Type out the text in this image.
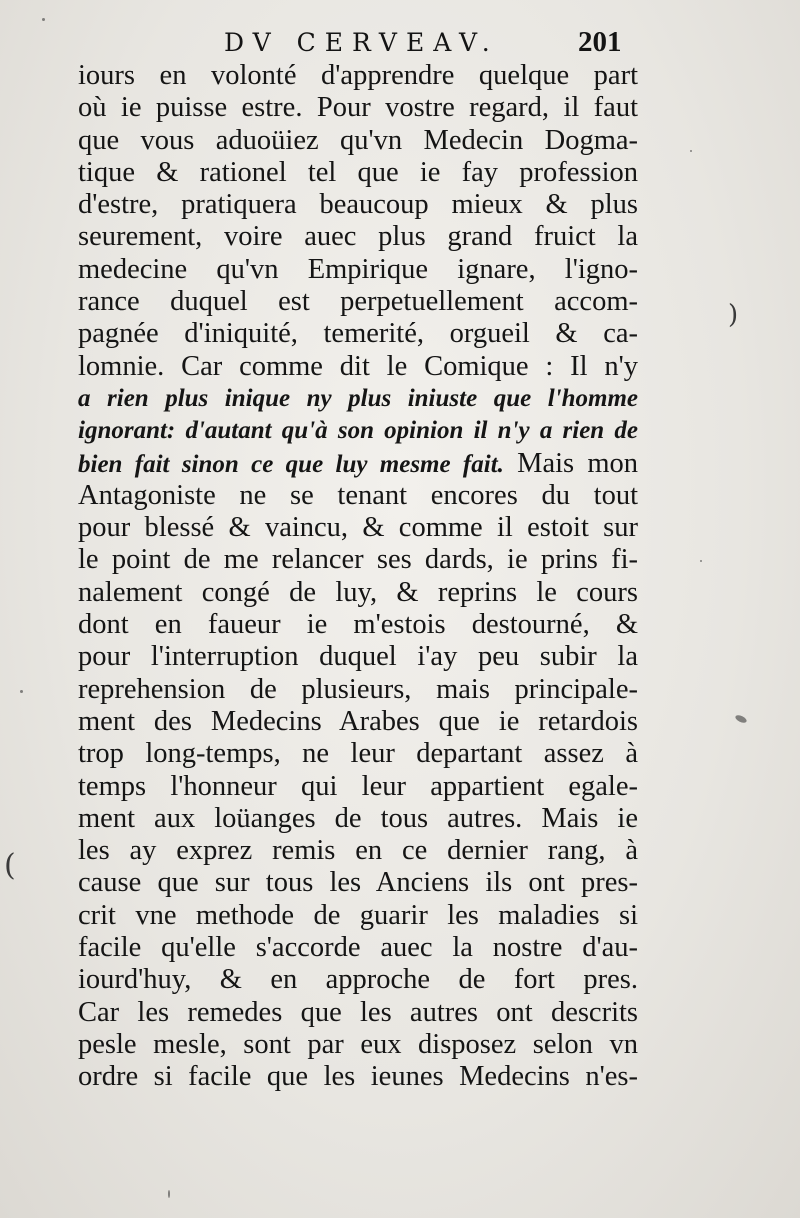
DV CERVEAV.	201
iours en volonté d'apprendre quelque part
où ie puisse estre. Pour vostre regard, il faut
que vous aduoüiez qu'vn Medecin Dogma-
tique & rationel tel que ie fay profession
d'estre, pratiquera beaucoup mieux & plus
seurement, voire auec plus grand fruict la
medecine qu'vn Empirique ignare, l'igno-
rance duquel est perpetuellement accom-
pagnée d'iniquité, temerité, orgueil & ca-
lomnie. Car comme dit le Comique : Il n'y
a rien plus inique ny plus iniuste que l'homme
ignorant: d'autant qu'à son opinion il n'y a rien de
bien fait sinon ce que luy mesme fait. Mais mon
Antagoniste ne se tenant encores du tout
pour blessé & vaincu, & comme il estoit sur
le point de me relancer ses dards, ie prins fi-
nalement congé de luy, & reprins le cours
dont en faueur ie m'estois destourné, &
pour l'interruption duquel i'ay peu subir la
reprehension de plusieurs, mais principale-
ment des Medecins Arabes que ie retardois
trop long-temps, ne leur departant assez à
temps l'honneur qui leur appartient egale-
ment aux loüanges de tous autres. Mais ie
les ay exprez remis en ce dernier rang, à
cause que sur tous les Anciens ils ont pres-
crit vne methode de guarir les maladies si
facile qu'elle s'accorde auec la nostre d'au-
iourd'huy, & en approche de fort pres.
Car les remedes que les autres ont descrits
pesle mesle, sont par eux disposez selon vn
ordre si facile que les ieunes Medecins n'es-
)
(
